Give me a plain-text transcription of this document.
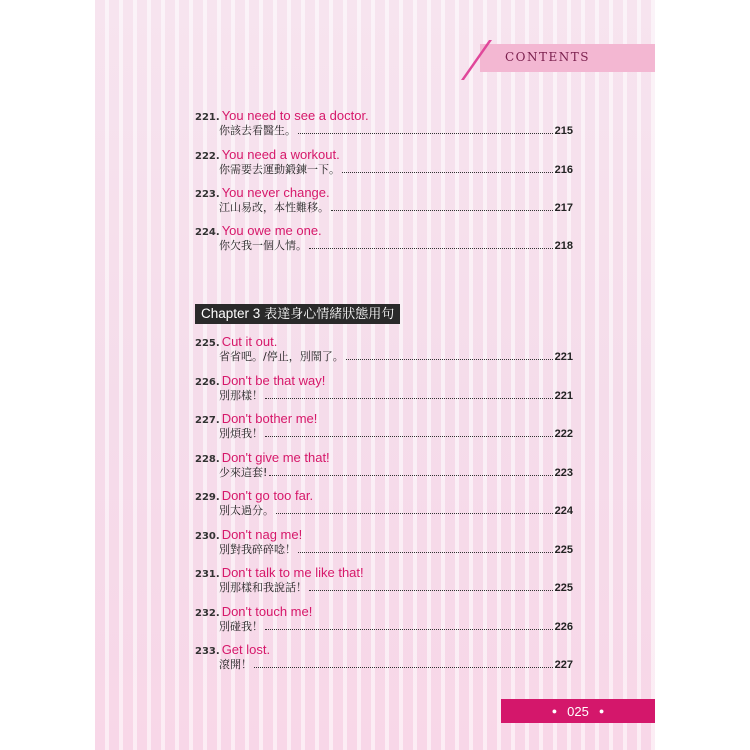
CONTENTS
221. You need to see a doctor.
你該去看醫生。	215
222. You need a workout.
你需要去運動鍛鍊一下。	216
223. You never change.
江山易改，本性難移。	217
224. You owe me one.
你欠我一個人情。	218
Chapter 3 表達身心情緒狀態用句
225. Cut it out.
省省吧。/停止，別鬧了。	221
226. Don't be that way!
別那樣！	221
227. Don't bother me!
別煩我！	222
228. Don't give me that!
少來這套!	223
229. Don't go too far.
別太過分。	224
230. Don't nag me!
別對我碎碎唸！	225
231. Don't talk to me like that!
別那樣和我說話！	225
232. Don't touch me!
別碰我！	226
233. Get lost.
滾開！	227
● 025 ●
